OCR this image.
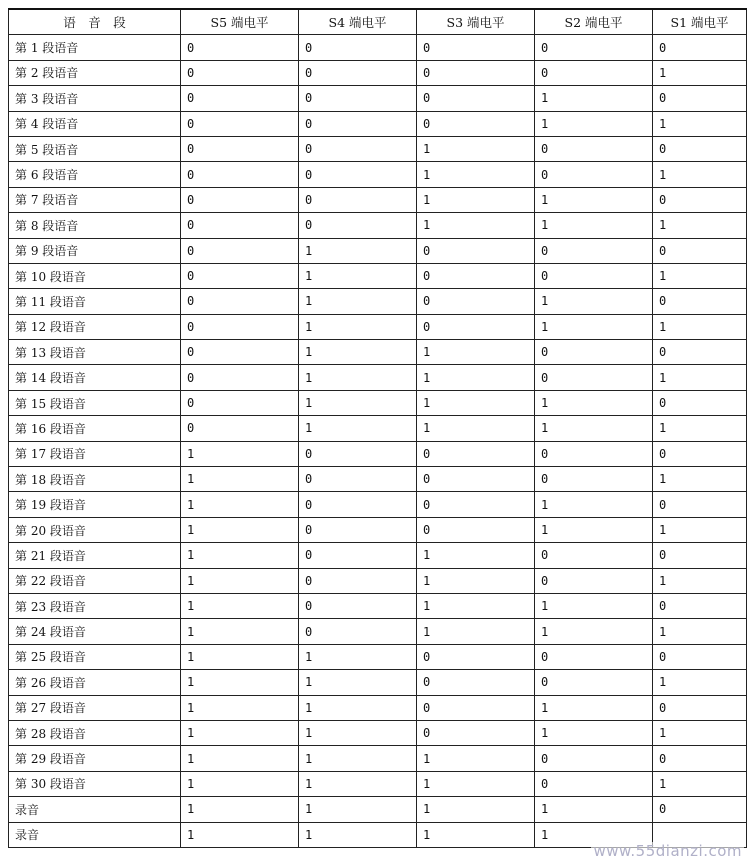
语　音　段	S5 端电平	S4 端电平	S3 端电平	S2 端电平	S1 端电平
第 1 段语音	0	0	0	0	0
第 2 段语音	0	0	0	0	1
第 3 段语音	0	0	0	1	0
第 4 段语音	0	0	0	1	1
第 5 段语音	0	0	1	0	0
第 6 段语音	0	0	1	0	1
第 7 段语音	0	0	1	1	0
第 8 段语音	0	0	1	1	1
第 9 段语音	0	1	0	0	0
第 10 段语音	0	1	0	0	1
第 11 段语音	0	1	0	1	0
第 12 段语音	0	1	0	1	1
第 13 段语音	0	1	1	0	0
第 14 段语音	0	1	1	0	1
第 15 段语音	0	1	1	1	0
第 16 段语音	0	1	1	1	1
第 17 段语音	1	0	0	0	0
第 18 段语音	1	0	0	0	1
第 19 段语音	1	0	0	1	0
第 20 段语音	1	0	0	1	1
第 21 段语音	1	0	1	0	0
第 22 段语音	1	0	1	0	1
第 23 段语音	1	0	1	1	0
第 24 段语音	1	0	1	1	1
第 25 段语音	1	1	0	0	0
第 26 段语音	1	1	0	0	1
第 27 段语音	1	1	0	1	0
第 28 段语音	1	1	0	1	1
第 29 段语音	1	1	1	0	0
第 30 段语音	1	1	1	0	1
录音	1	1	1	1	0
录音	1	1	1	1	
www.55dianzi.com
